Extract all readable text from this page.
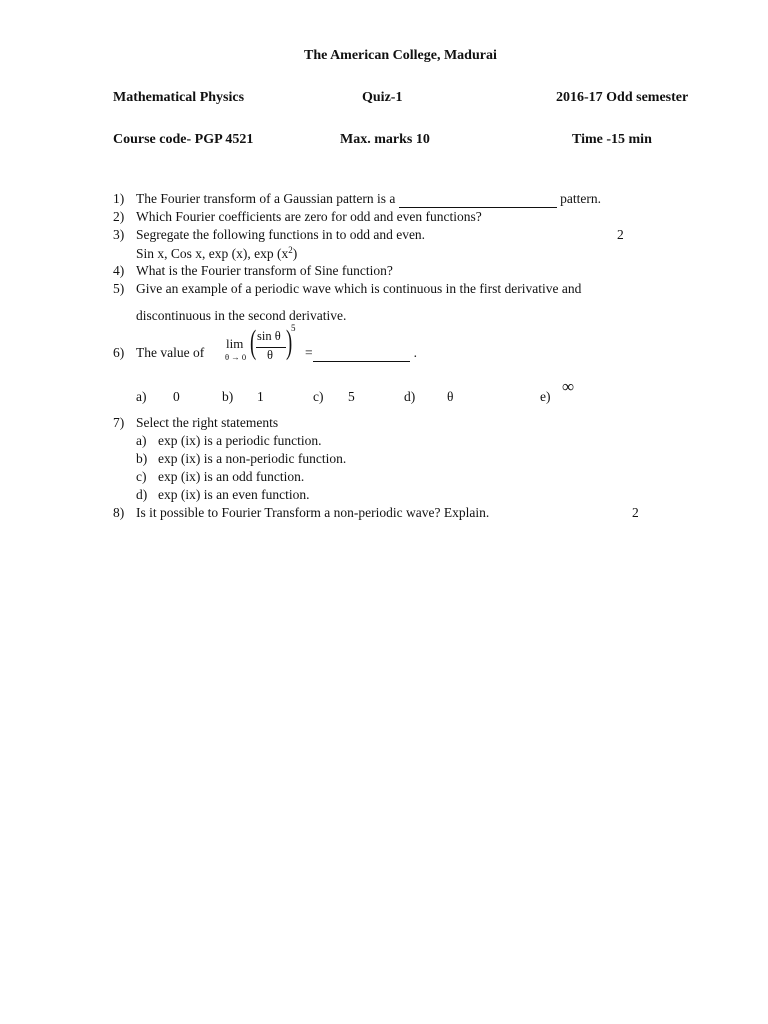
The American College, Madurai
Mathematical Physics	Quiz-1	2016-17 Odd semester
Course code- PGP 4521	Max. marks 10	Time -15 min
1) The Fourier transform of a Gaussian pattern is a	pattern.
2) Which Fourier coefficients are zero for odd and even functions?
3) Segregate the following functions in to odd and even.	2
Sin x, Cos x, exp (x), $\exp (x^2)$
4) What is the Fourier transform of Sine function?
5) Give an example of a periodic wave which is continuous in the first derivative and
discontinuous in the second derivative.
6) The value of
lim
θ → 0 ( sin θ
θ )
5
=	.
a) 0	b) 1	c) 5	d) θ	e)
∞
7) Select the right statements
a) exp (ix) is a periodic function.
b) exp (ix) is a non-periodic function.
c) exp (ix) is an odd function.
d) exp (ix) is an even function.
8) Is it possible to Fourier Transform a non-periodic wave? Explain.	2
